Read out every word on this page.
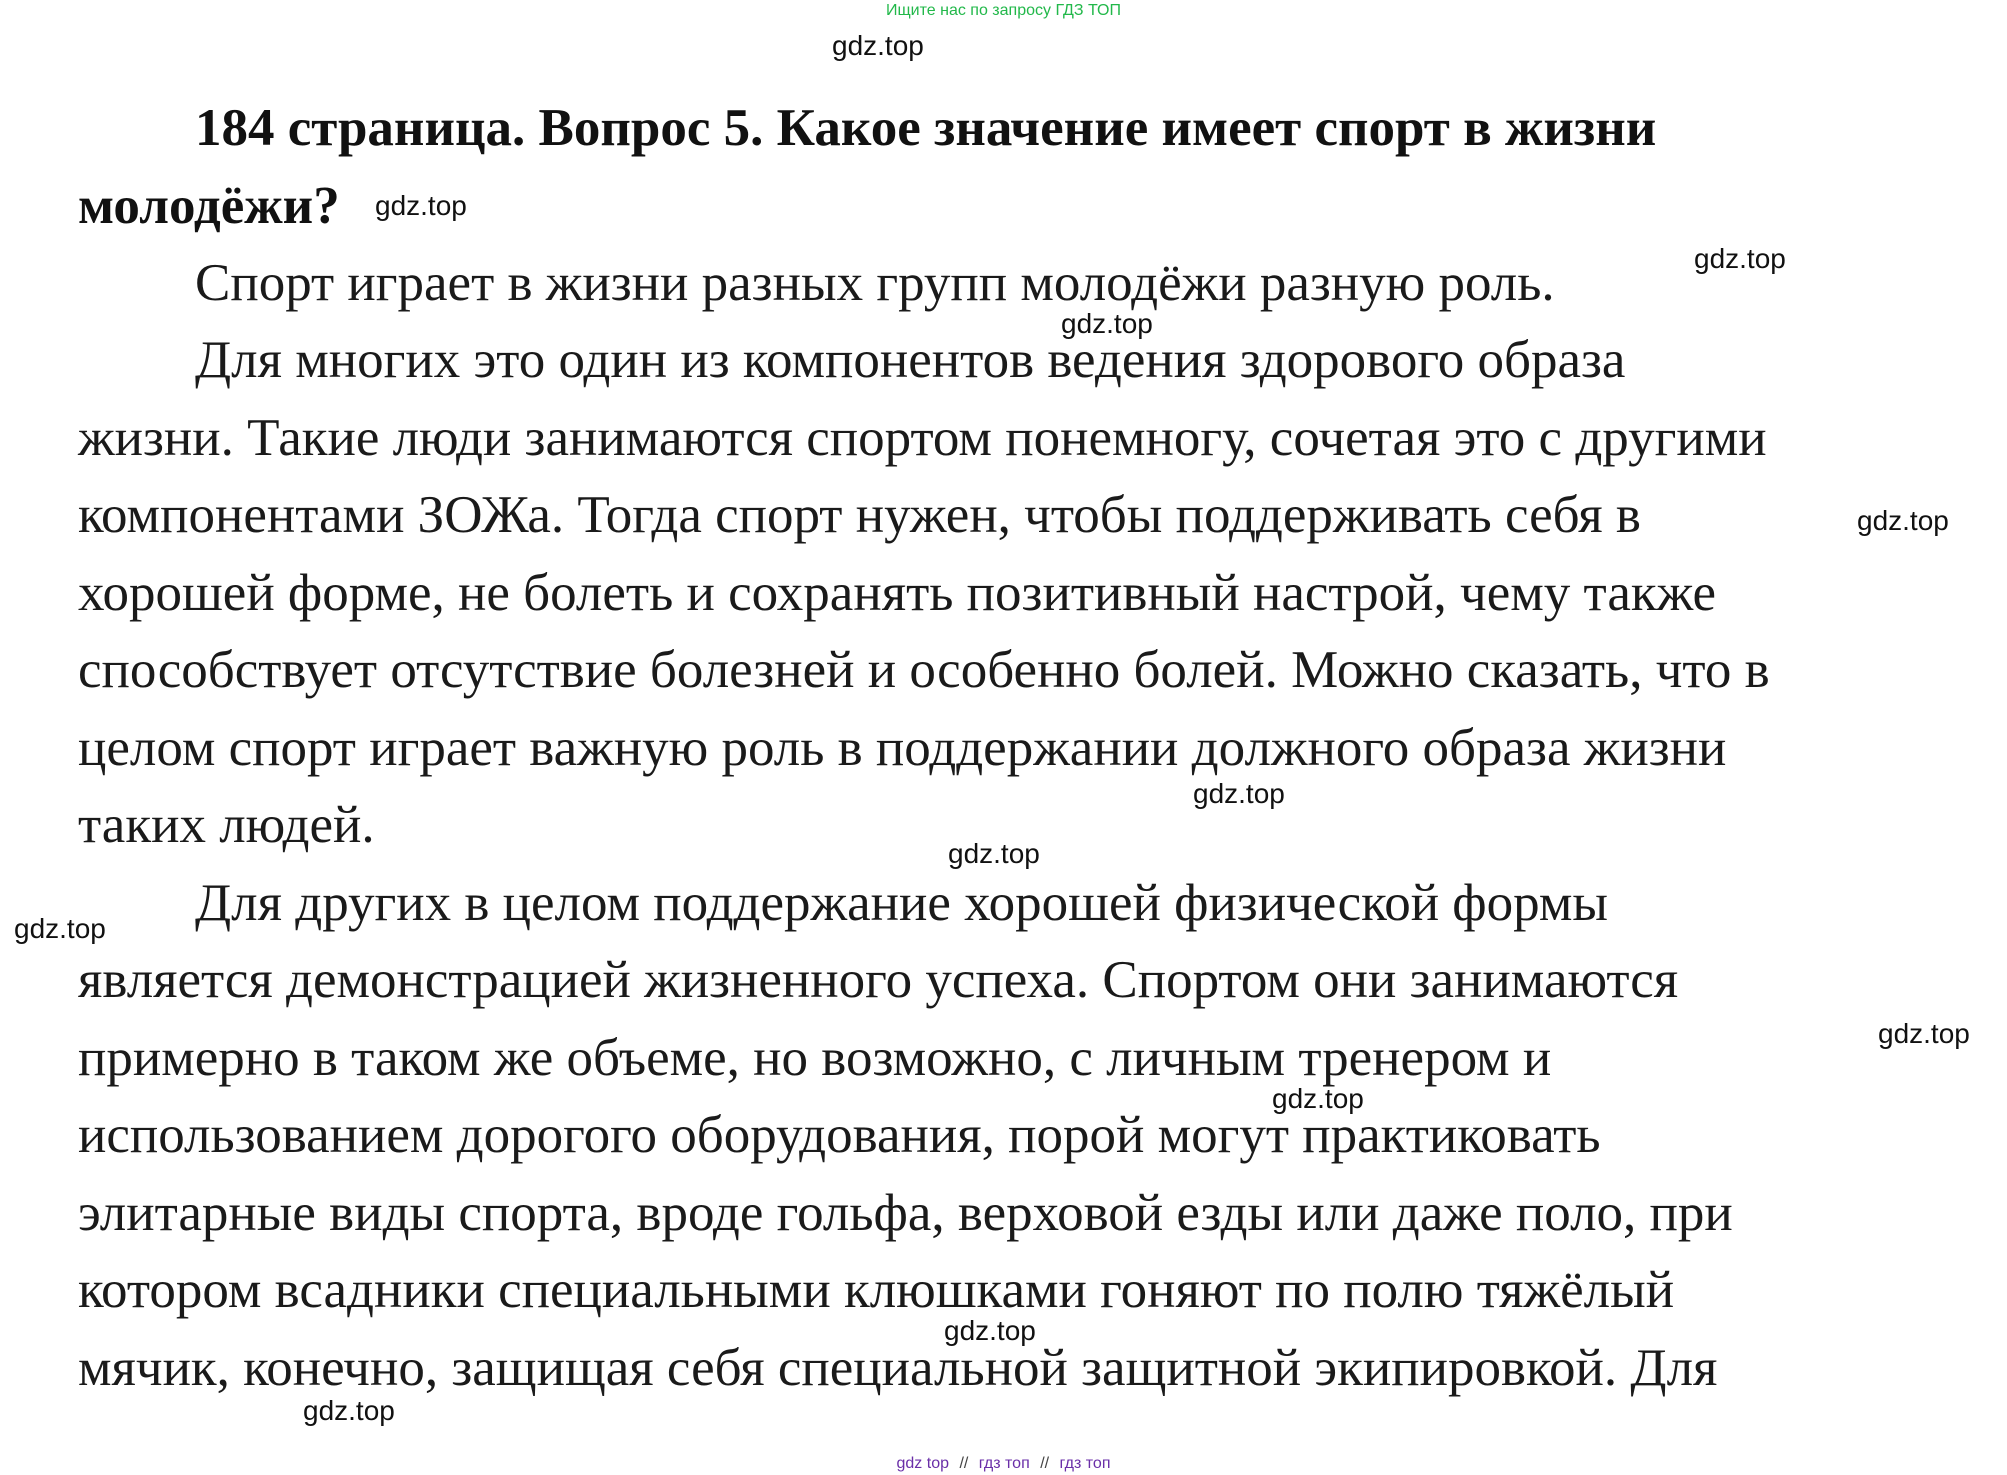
Ищите нас по запросу ГДЗ ТОП
gdz.top
gdz.top
gdz.top
gdz.top
gdz.top
gdz.top
gdz.top
gdz.top
gdz.top
gdz.top
gdz.top
gdz.top
184 страница. Вопрос 5. Какое значение имеет спорт в жизни
молодёжи?
Спорт играет в жизни разных групп молодёжи разную роль.
Для многих это один из компонентов ведения здорового образа
жизни. Такие люди занимаются спортом понемногу, сочетая это с другими
компонентами ЗОЖа. Тогда спорт нужен, чтобы поддерживать себя в
хорошей форме, не болеть и сохранять позитивный настрой, чему также
способствует отсутствие болезней и особенно болей. Можно сказать, что в
целом спорт играет важную роль в поддержании должного образа жизни
таких людей.
Для других в целом поддержание хорошей физической формы
является демонстрацией жизненного успеха. Спортом они занимаются
примерно в таком же объеме, но возможно, с личным тренером и
использованием дорогого оборудования, порой могут практиковать
элитарные виды спорта, вроде гольфа, верховой езды или даже поло, при
котором всадники специальными клюшками гоняют по полю тяжёлый
мячик, конечно, защищая себя специальной защитной экипировкой. Для
gdz top // гдз топ // гдз топ
